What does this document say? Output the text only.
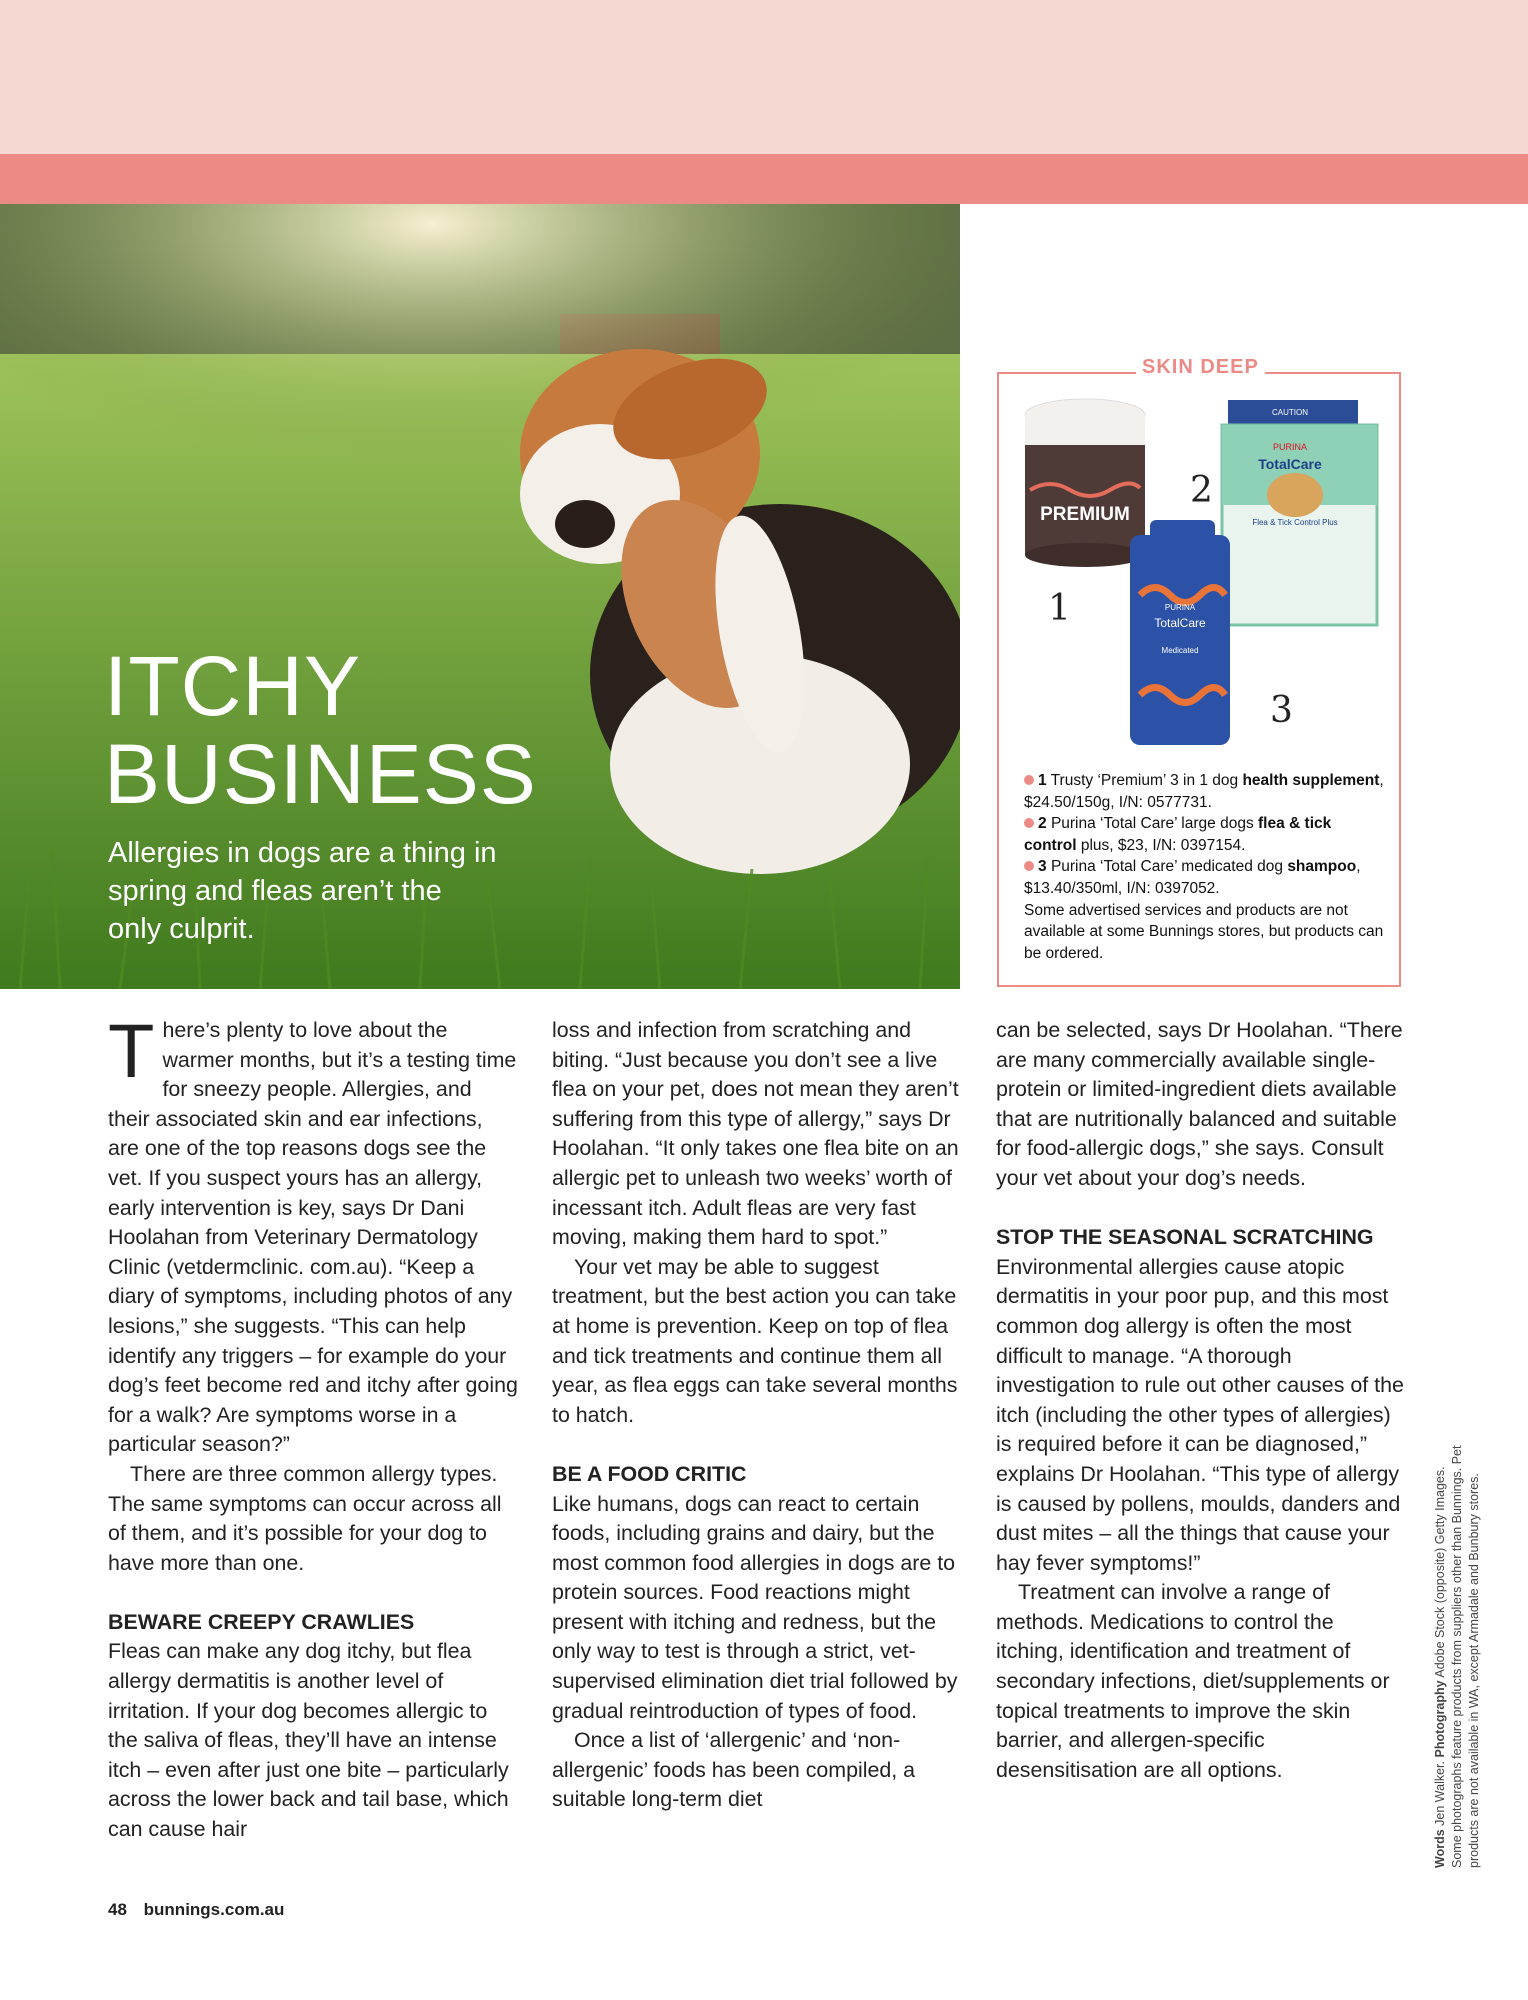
ITCHY
BUSINESS

Allergies in dogs are a thing in spring and fleas aren’t the only culprit.

SKIN DEEP
CAUTION
PURINA
TotalCare
Flea & Tick Control Plus
PREMIUM
PURINA
TotalCare
Medicated
1
2
3

1 Trusty ‘Premium’ 3 in 1 dog health supplement, $24.50/150g, I/N: 0577731.

2 Purina ‘Total Care’ large dogs flea & tick control plus, $23, I/N: 0397154.

3 Purina ‘Total Care’ medicated dog shampoo, $13.40/350ml, I/N: 0397052.

Some advertised services and products are not available at some Bunnings stores, but products can be ordered.

There’s plenty to love about the warmer months, but it’s a testing time for sneezy people. Allergies, and their associated skin and ear infections, are one of the top reasons dogs see the vet. If you suspect yours has an allergy, early intervention is key, says Dr Dani Hoolahan from Veterinary Dermatology Clinic (vetdermclinic. com.au). “Keep a diary of symptoms, including photos of any lesions,” she suggests. “This can help identify any triggers – for example do your dog’s feet become red and itchy after going for a walk? Are symptoms worse in a particular season?”

There are three common allergy types. The same symptoms can occur across all of them, and it’s possible for your dog to have more than one.

BEWARE CREEPY CRAWLIES

Fleas can make any dog itchy, but flea allergy dermatitis is another level of irritation. If your dog becomes allergic to the saliva of fleas, they’ll have an intense itch – even after just one bite – particularly across the lower back and tail base, which can cause hair

loss and infection from scratching and biting. “Just because you don’t see a live flea on your pet, does not mean they aren’t suffering from this type of allergy,” says Dr Hoolahan. “It only takes one flea bite on an allergic pet to unleash two weeks’ worth of incessant itch. Adult fleas are very fast moving, making them hard to spot.”

Your vet may be able to suggest treatment, but the best action you can take at home is prevention. Keep on top of flea and tick treatments and continue them all year, as flea eggs can take several months to hatch.

BE A FOOD CRITIC

Like humans, dogs can react to certain foods, including grains and dairy, but the most common food allergies in dogs are to protein sources. Food reactions might present with itching and redness, but the only way to test is through a strict, vet-supervised elimination diet trial followed by gradual reintroduction of types of food.

Once a list of ‘allergenic’ and ‘non-allergenic’ foods has been compiled, a suitable long-term diet

can be selected, says Dr Hoolahan. “There are many commercially available single-protein or limited-ingredient diets available that are nutritionally balanced and suitable for food-allergic dogs,” she says. Consult your vet about your dog’s needs.

STOP THE SEASONAL SCRATCHING

Environmental allergies cause atopic dermatitis in your poor pup, and this most common dog allergy is often the most difficult to manage. “A thorough investigation to rule out other causes of the itch (including the other types of allergies) is required before it can be diagnosed,” explains Dr Hoolahan. “This type of allergy is caused by pollens, moulds, danders and dust mites – all the things that cause your hay fever symptoms!”

Treatment can involve a range of methods. Medications to control the itching, identification and treatment of secondary infections, diet/supplements or topical treatments to improve the skin barrier, and allergen-specific desensitisation are all options.

48 bunnings.com.au

Words Jen Walker. Photography Adobe Stock (opposite) Getty Images. Some photographs feature products from suppliers other than Bunnings. Pet products are not available in WA, except Armadale and Bunbury stores.
